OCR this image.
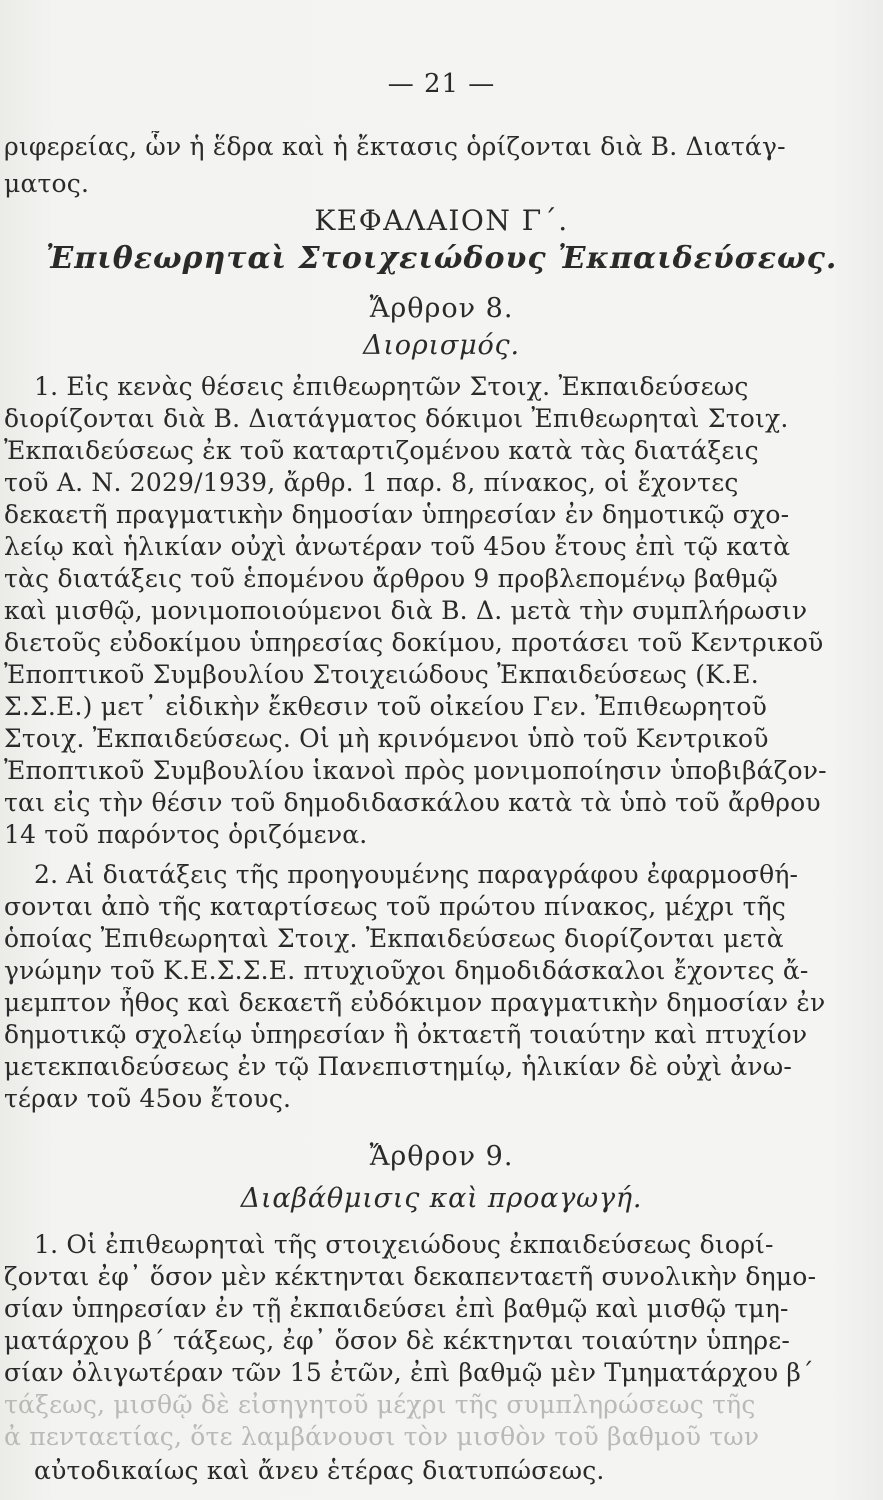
— 21 —
ριφερείας, ὧν ἡ ἕδρα καὶ ἡ ἔκτασις ὁρίζονται διὰ Β. Διατάγ-
ματος.
ΚΕΦΑΛΑΙΟΝ Γ΄.
Ἐπιθεωρηταὶ Στοιχειώδους Ἐκπαιδεύσεως.
Ἄρθρον 8.
Διορισμός.
1. Εἰς κενὰς θέσεις ἐπιθεωρητῶν Στοιχ. Ἐκπαιδεύσεως
διορίζονται διὰ Β. Διατάγματος δόκιμοι Ἐπιθεωρηταὶ Στοιχ.
Ἐκπαιδεύσεως ἐκ τοῦ καταρτιζομένου κατὰ τὰς διατάξεις
τοῦ Α. Ν. 2029/1939, ἄρθρ. 1 παρ. 8, πίνακος, οἱ ἔχοντες
δεκαετῆ πραγματικὴν δημοσίαν ὑπηρεσίαν ἐν δημοτικῷ σχο-
λείῳ καὶ ἡλικίαν οὐχὶ ἀνωτέραν τοῦ 45ου ἔτους ἐπὶ τῷ κατὰ
τὰς διατάξεις τοῦ ἑπομένου ἄρθρου 9 προβλεπομένῳ βαθμῷ
καὶ μισθῷ, μονιμοποιούμενοι διὰ Β. Δ. μετὰ τὴν συμπλήρωσιν
διετοῦς εὐδοκίμου ὑπηρεσίας δοκίμου, προτάσει τοῦ Κεντρικοῦ
Ἐποπτικοῦ Συμβουλίου Στοιχειώδους Ἐκπαιδεύσεως (Κ.Ε.
Σ.Σ.Ε.) μετ᾽ εἰδικὴν ἔκθεσιν τοῦ οἰκείου Γεν. Ἐπιθεωρητοῦ
Στοιχ. Ἐκπαιδεύσεως. Οἱ μὴ κρινόμενοι ὑπὸ τοῦ Κεντρικοῦ
Ἐποπτικοῦ Συμβουλίου ἱκανοὶ πρὸς μονιμοποίησιν ὑποβιβάζον-
ται εἰς τὴν θέσιν τοῦ δημοδιδασκάλου κατὰ τὰ ὑπὸ τοῦ ἄρθρου
14 τοῦ παρόντος ὁριζόμενα.
2. Αἱ διατάξεις τῆς προηγουμένης παραγράφου ἐφαρμοσθή-
σονται ἀπὸ τῆς καταρτίσεως τοῦ πρώτου πίνακος, μέχρι τῆς
ὁποίας Ἐπιθεωρηταὶ Στοιχ. Ἐκπαιδεύσεως διορίζονται μετὰ
γνώμην τοῦ Κ.Ε.Σ.Σ.Ε. πτυχιοῦχοι δημοδιδάσκαλοι ἔχοντες ἄ-
μεμπτον ἦθος καὶ δεκαετῆ εὐδόκιμον πραγματικὴν δημοσίαν ἐν
δημοτικῷ σχολείῳ ὑπηρεσίαν ἢ ὀκταετῆ τοιαύτην καὶ πτυχίον
μετεκπαιδεύσεως ἐν τῷ Πανεπιστημίῳ, ἡλικίαν δὲ οὐχὶ ἀνω-
τέραν τοῦ 45ου ἔτους.
Ἄρθρον 9.
Διαβάθμισις καὶ προαγωγή.
1. Οἱ ἐπιθεωρηταὶ τῆς στοιχειώδους ἐκπαιδεύσεως διορί-
ζονται ἐφ᾽ ὅσον μὲν κέκτηνται δεκαπενταετῆ συνολικὴν δημο-
σίαν ὑπηρεσίαν ἐν τῇ ἐκπαιδεύσει ἐπὶ βαθμῷ καὶ μισθῷ τμη-
ματάρχου β΄ τάξεως, ἐφ᾽ ὅσον δὲ κέκτηνται τοιαύτην ὑπηρε-
σίαν ὀλιγωτέραν τῶν 15 ἐτῶν, ἐπὶ βαθμῷ μὲν Τμηματάρχου β΄
τάξεως, μισθῷ δὲ εἰσηγητοῦ μέχρι τῆς συμπληρώσεως τῆς
ἀ πενταετίας, ὅτε λαμβάνουσι τὸν μισθὸν τοῦ βαθμοῦ των
αὐτοδικαίως καὶ ἄνευ ἑτέρας διατυπώσεως.
